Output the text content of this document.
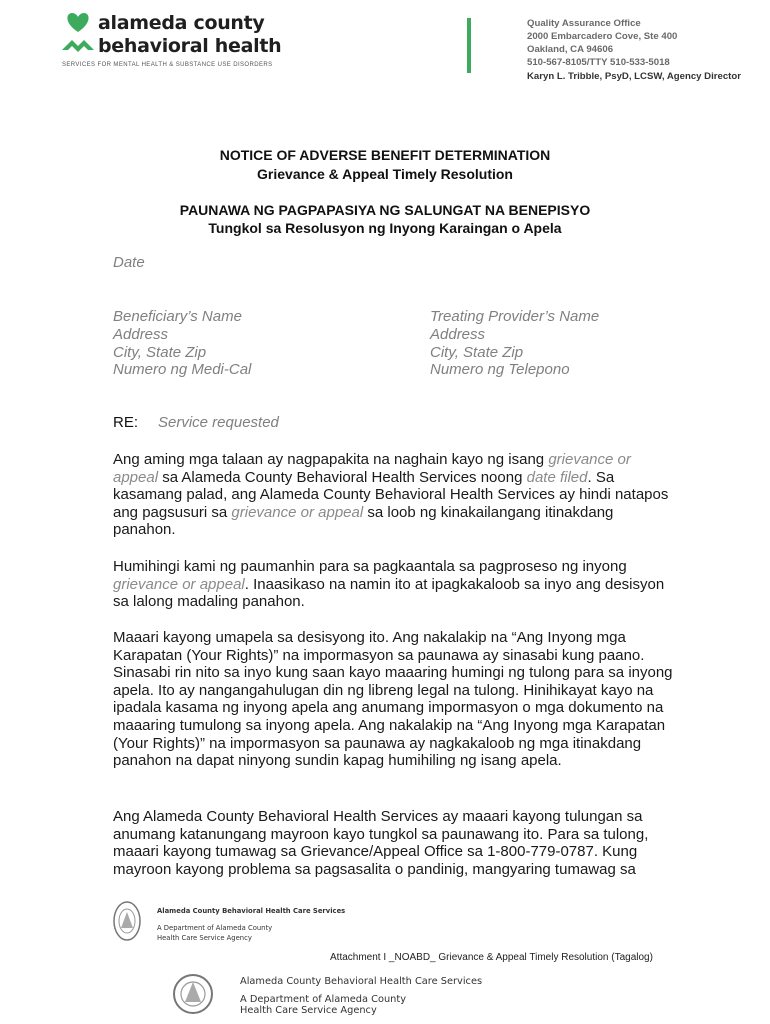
alameda county
behavioral health
SERVICES FOR MENTAL HEALTH & SUBSTANCE USE DISORDERS
Quality Assurance Office
2000 Embarcadero Cove, Ste 400
Oakland, CA 94606
510-567-8105/TTY 510-533-5018
Karyn L. Tribble, PsyD, LCSW, Agency Director
NOTICE OF ADVERSE BENEFIT DETERMINATION
Grievance & Appeal Timely Resolution
PAUNAWA NG PAGPAPASIYA NG SALUNGAT NA BENEPISYO
Tungkol sa Resolusyon ng Inyong Karaingan o Apela
Date
Beneficiary’s Name
Address
City, State Zip
Numero ng Medi-Cal
Treating Provider’s Name
Address
City, State Zip
Numero ng Telepono
RE: Service requested

Ang aming mga talaan ay nagpapakita na naghain kayo ng isang grievance or appeal sa Alameda County Behavioral Health Services noong date filed. Sa kasamang palad, ang Alameda County Behavioral Health Services ay hindi natapos ang pagsusuri sa grievance or appeal sa loob ng kinakailangang itinakdang panahon.

Humihingi kami ng paumanhin para sa pagkaantala sa pagproseso ng inyong grievance or appeal. Inaasikaso na namin ito at ipagkakaloob sa inyo ang desisyon sa lalong madaling panahon.

Maaari kayong umapela sa desisyong ito. Ang nakalakip na “Ang Inyong mga Karapatan (Your Rights)” na impormasyon sa paunawa ay sinasabi kung paano. Sinasabi rin nito sa inyo kung saan kayo maaaring humingi ng tulong para sa inyong apela. Ito ay nangangahulugan din ng libreng legal na tulong. Hinihikayat kayo na ipadala kasama ng inyong apela ang anumang impormasyon o mga dokumento na maaaring tumulong sa inyong apela. Ang nakalakip na “Ang Inyong mga Karapatan (Your Rights)” na impormasyon sa paunawa ay nagkakaloob ng mga itinakdang panahon na dapat ninyong sundin kapag humihiling ng isang apela.

Ang Alameda County Behavioral Health Services ay maaari kayong tulungan sa anumang katanungang mayroon kayo tungkol sa paunawang ito. Para sa tulong, maaari kayong tumawag sa Grievance/Appeal Office sa 1-800-779-0787. Kung mayroon kayong problema sa pagsasalita o pandinig, mangyaring tumawag sa

Alameda County Behavioral Health Care Services
A Department of Alameda County
Health Care Service Agency
Attachment I _NOABD_ Grievance & Appeal Timely Resolution (Tagalog)
Alameda County Behavioral Health Care Services
A Department of Alameda County
Health Care Service Agency
